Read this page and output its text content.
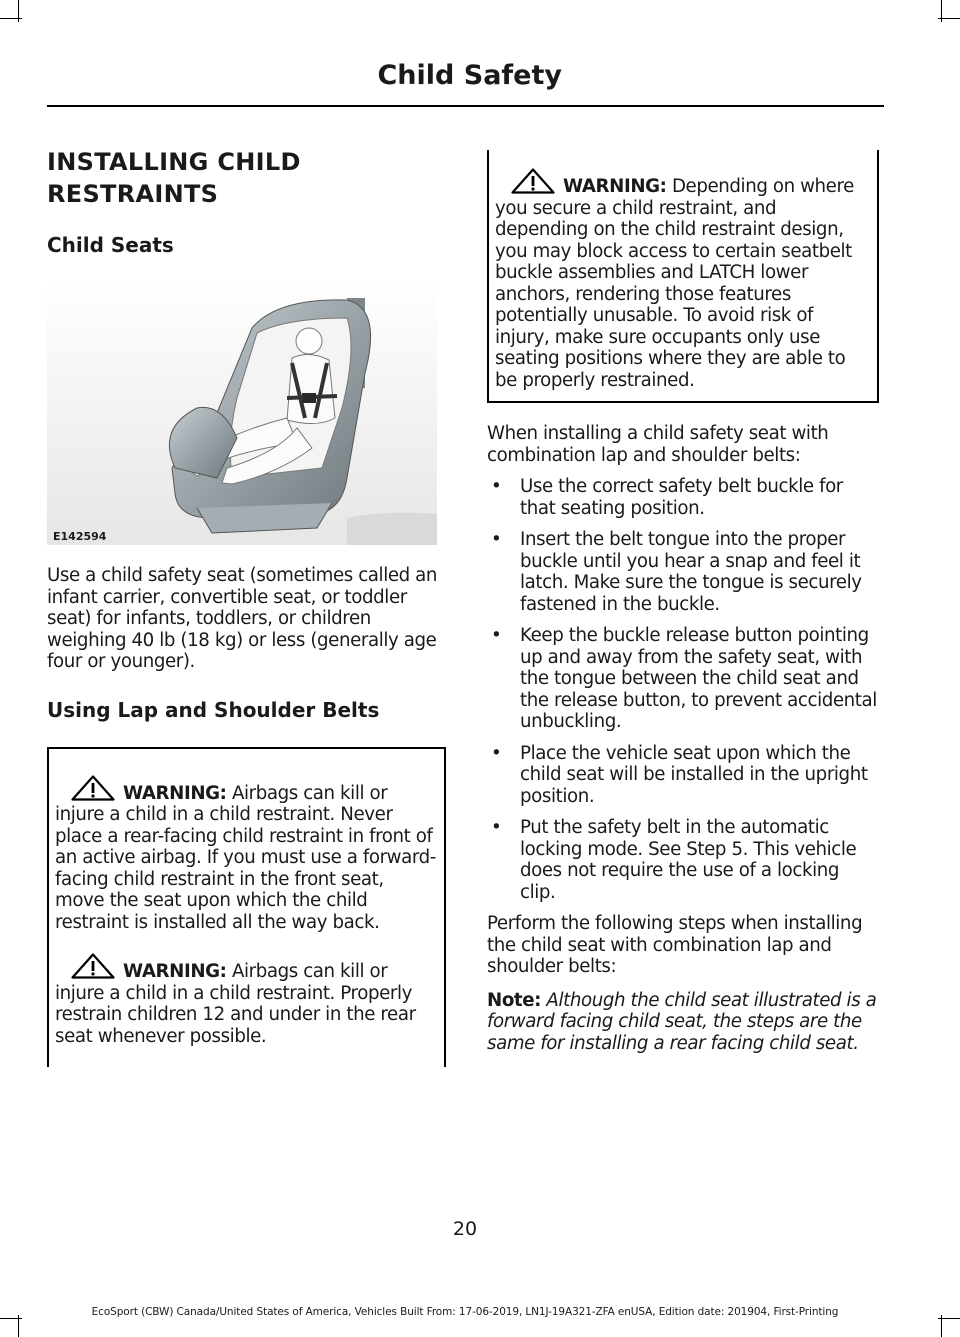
Child Safety
INSTALLING CHILD RESTRAINTS
Child Seats
E142594

Use a child safety seat (sometimes called an infant carrier, convertible seat, or toddler seat) for infants, toddlers, or children weighing 40 lb (18 kg) or less (generally age four or younger).

Using Lap and Shoulder Belts
WARNING: Airbags can kill or injure a child in a child restraint. Never place a rear-facing child restraint in front of an active airbag. If you must use a forward-facing child restraint in the front seat, move the seat upon which the child restraint is installed all the way back.
WARNING: Airbags can kill or injure a child in a child restraint. Properly restrain children 12 and under in the rear seat whenever possible.
WARNING: Depending on where you secure a child restraint, and depending on the child restraint design, you may block access to certain seatbelt buckle assemblies and LATCH lower anchors, rendering those features potentially unusable. To avoid risk of injury, make sure occupants only use seating positions where they are able to be properly restrained.

When installing a child safety seat with combination lap and shoulder belts:

• Use the correct safety belt buckle for that seating position.
• Insert the belt tongue into the proper buckle until you hear a snap and feel it latch. Make sure the tongue is securely fastened in the buckle.
• Keep the buckle release button pointing up and away from the safety seat, with the tongue between the child seat and the release button, to prevent accidental unbuckling.
• Place the vehicle seat upon which the child seat will be installed in the upright position.
• Put the safety belt in the automatic locking mode. See Step 5. This vehicle does not require the use of a locking clip.

Perform the following steps when installing the child seat with combination lap and shoulder belts:

Note: Although the child seat illustrated is a forward facing child seat, the steps are the same for installing a rear facing child seat.

20
EcoSport (CBW) Canada/United States of America, Vehicles Built From: 17-06-2019, LN1J-19A321-ZFA enUSA, Edition date: 201904, First-Printing
